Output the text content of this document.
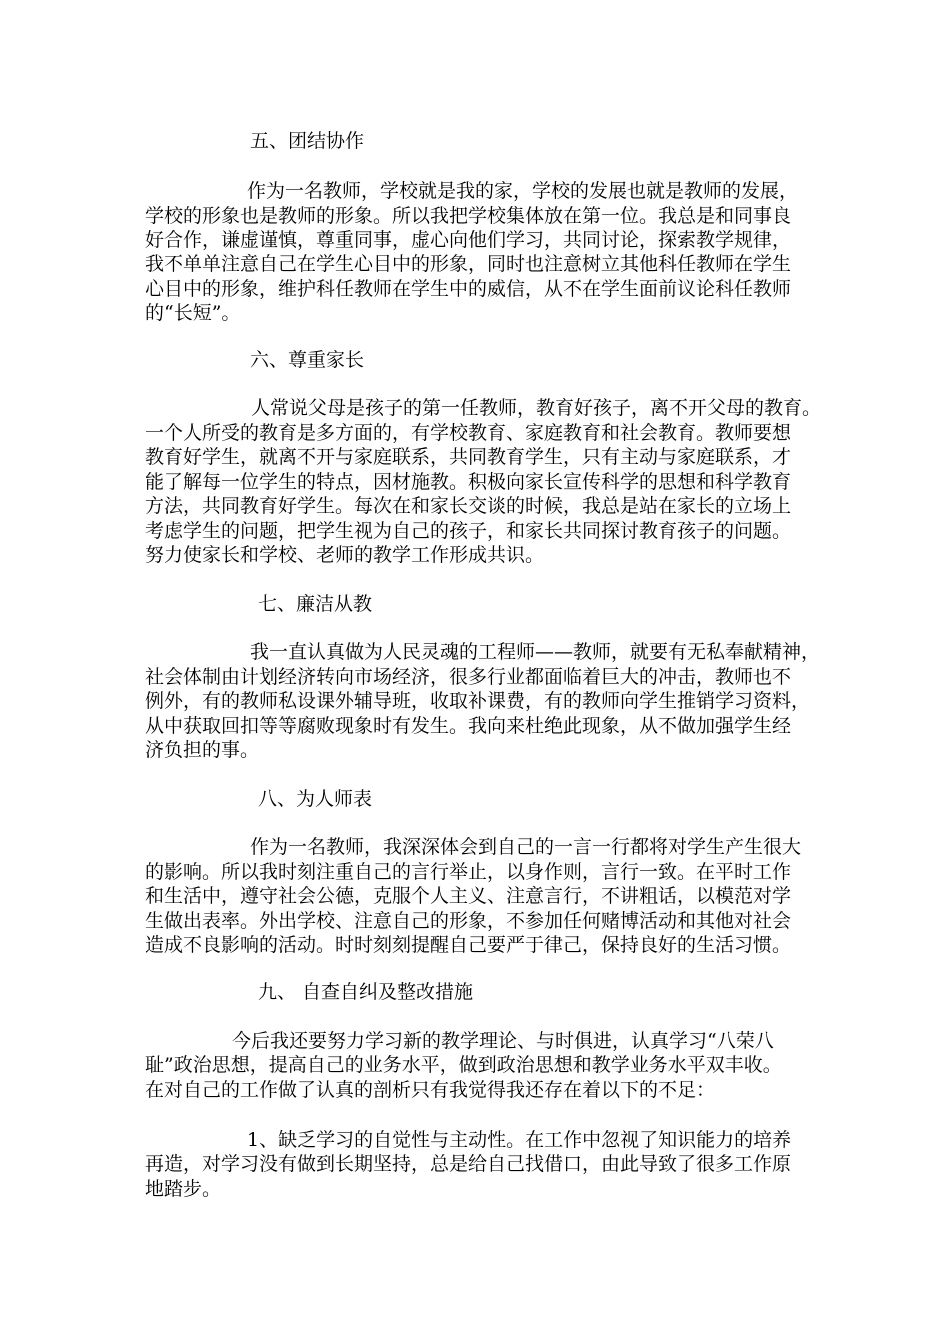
五、团结协作
作为一名教师，学校就是我的家，学校的发展也就是教师的发展，
学校的形象也是教师的形象。所以我把学校集体放在第一位。我总是和同事良
好合作，谦虚谨慎，尊重同事，虚心向他们学习，共同讨论，探索教学规律，
我不单单注意自己在学生心目中的形象，同时也注意树立其他科任教师在学生
心目中的形象，维护科任教师在学生中的威信，从不在学生面前议论科任教师
的“长短”。
六、尊重家长
人常说父母是孩子的第一任教师，教育好孩子，离不开父母的教育。
一个人所受的教育是多方面的，有学校教育、家庭教育和社会教育。教师要想
教育好学生，就离不开与家庭联系，共同教育学生，只有主动与家庭联系，才
能了解每一位学生的特点，因材施教。积极向家长宣传科学的思想和科学教育
方法，共同教育好学生。每次在和家长交谈的时候，我总是站在家长的立场上
考虑学生的问题，把学生视为自己的孩子，和家长共同探讨教育孩子的问题。
努力使家长和学校、老师的教学工作形成共识。
七、廉洁从教
我一直认真做为人民灵魂的工程师——教师，就要有无私奉献精神，
社会体制由计划经济转向市场经济，很多行业都面临着巨大的冲击，教师也不
例外，有的教师私设课外辅导班，收取补课费，有的教师向学生推销学习资料，
从中获取回扣等等腐败现象时有发生。我向来杜绝此现象，从不做加强学生经
济负担的事。
八、为人师表
作为一名教师，我深深体会到自己的一言一行都将对学生产生很大
的影响。所以我时刻注重自己的言行举止，以身作则，言行一致。在平时工作
和生活中，遵守社会公德，克服个人主义、注意言行，不讲粗话，以模范对学
生做出表率。外出学校、注意自己的形象，不参加任何赌博活动和其他对社会
造成不良影响的活动。时时刻刻提醒自己要严于律己，保持良好的生活习惯。
九、 自查自纠及整改措施
今后我还要努力学习新的教学理论、与时俱进，认真学习“八荣八
耻”政治思想，提高自己的业务水平，做到政治思想和教学业务水平双丰收。
在对自己的工作做了认真的剖析只有我觉得我还存在着以下的不足：
1、缺乏学习的自觉性与主动性。在工作中忽视了知识能力的培养
再造，对学习没有做到长期坚持，总是给自己找借口，由此导致了很多工作原
地踏步。
